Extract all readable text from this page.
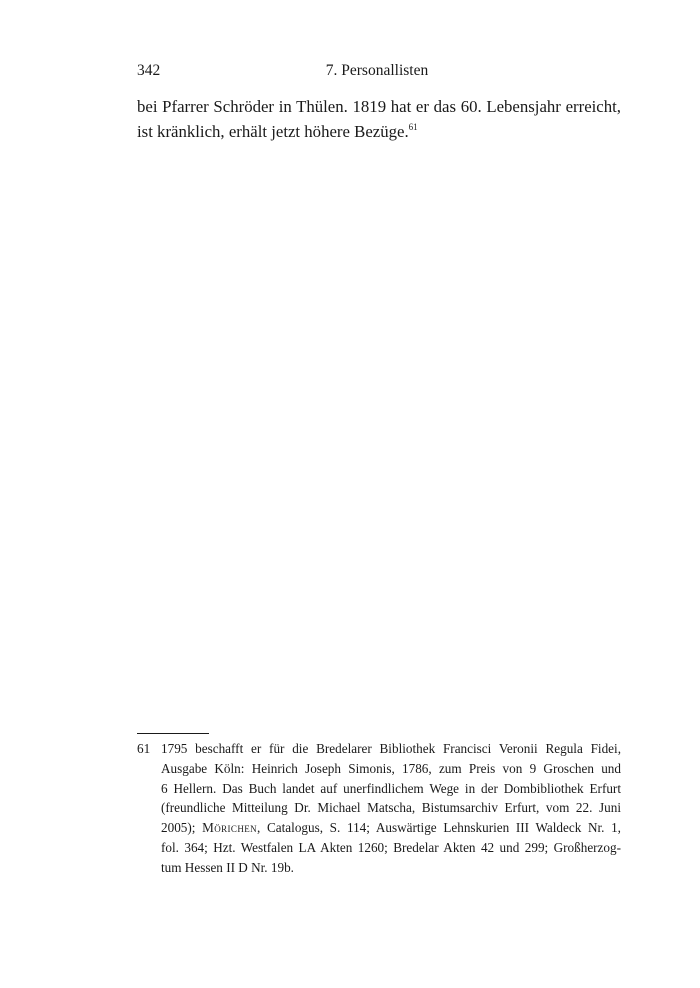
342	7. Personallisten

bei Pfarrer Schröder in Thülen. 1819 hat er das 60. Lebensjahr erreicht,
ist kränklich, erhält jetzt höhere Bezüge.$^{61}$

61 1795 beschafft er für die Bredelarer Bibliothek Francisci Veronii Regula Fidei,
Ausgabe Köln: Heinrich Joseph Simonis, 1786, zum Preis von 9 Groschen und
6 Hellern. Das Buch landet auf unerfindlichem Wege in der Dombibliothek Erfurt
(freundliche Mitteilung Dr. Michael Matscha, Bistumsarchiv Erfurt, vom 22. Juni
2005); Mörichen, Catalogus, S. 114; Auswärtige Lehnskurien III Waldeck Nr. 1,
fol. 364; Hzt. Westfalen LA Akten 1260; Bredelar Akten 42 und 299; Großherzog-
tum Hessen II D Nr. 19b.
